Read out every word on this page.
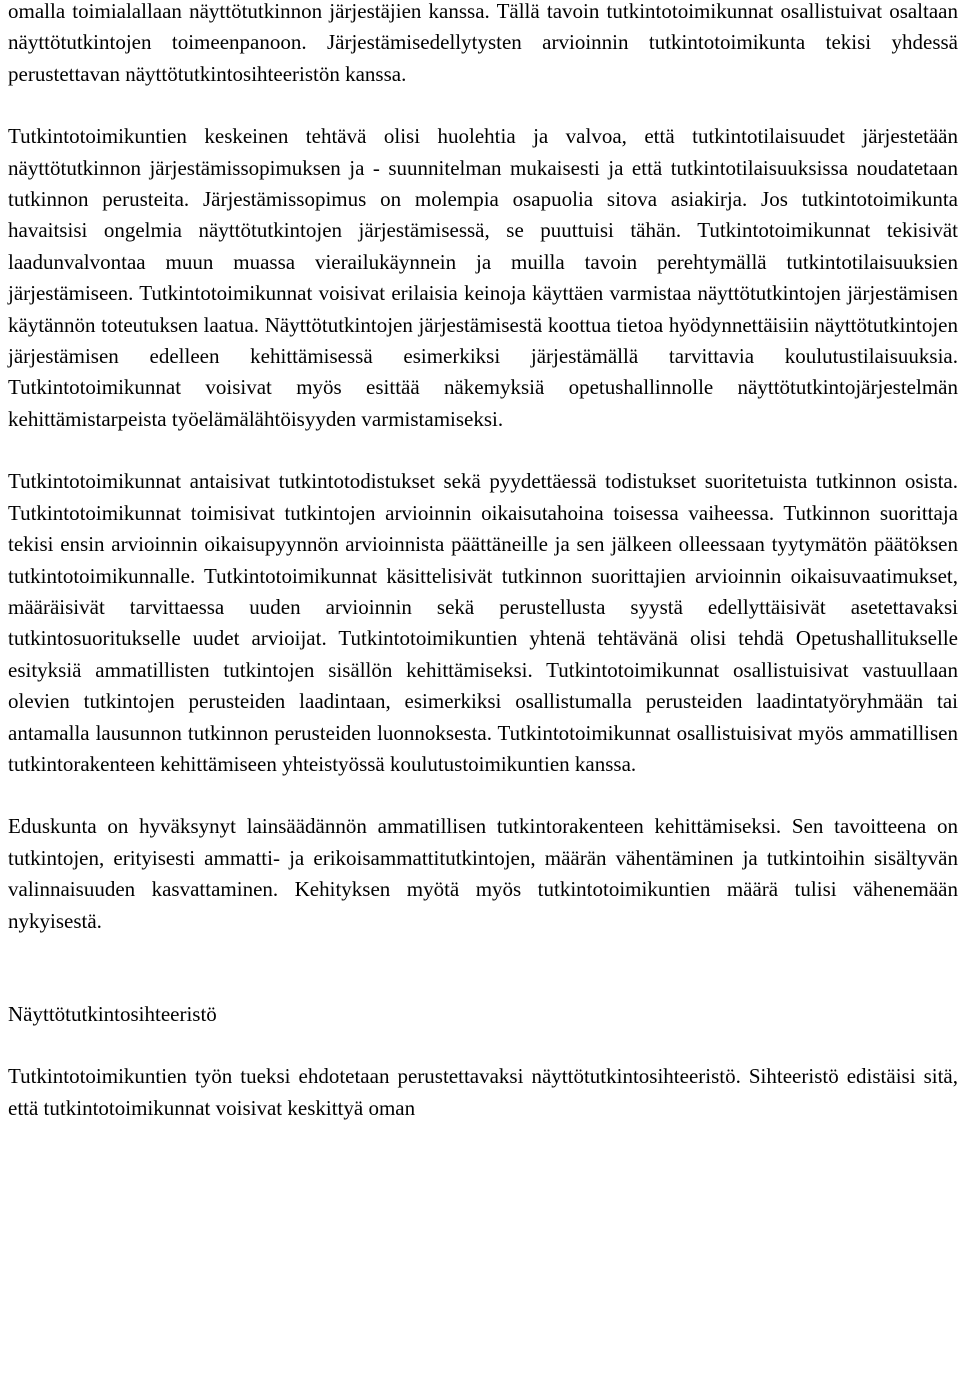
omalla toimialallaan näyttötutkinnon järjestäjien kanssa. Tällä tavoin tutkintotoimikunnat osallistuivat osaltaan näyttötutkintojen toimeenpanoon. Järjestämisedellytysten arvioinnin tutkintotoimikunta tekisi yhdessä perustettavan näyttötutkintosihteeristön kanssa.

Tutkintotoimikuntien keskeinen tehtävä olisi huolehtia ja valvoa, että tutkintotilaisuudet järjestetään näyttötutkinnon järjestämissopimuksen ja - suunnitelman mukaisesti ja että tutkintotilaisuuksissa noudatetaan tutkinnon perusteita. Järjestämissopimus on molempia osapuolia sitova asiakirja. Jos tutkintotoimikunta havaitsisi ongelmia näyttötutkintojen järjestämisessä, se puuttuisi tähän. Tutkintotoimikunnat tekisivät laadunvalvontaa muun muassa vierailukäynnein ja muilla tavoin perehtymällä tutkintotilaisuuksien järjestämiseen. Tutkintotoimikunnat voisivat erilaisia keinoja käyttäen varmistaa näyttötutkintojen järjestämisen käytännön toteutuksen laatua. Näyttötutkintojen järjestämisestä koottua tietoa hyödynnettäisiin näyttötutkintojen järjestämisen edelleen kehittämisessä esimerkiksi järjestämällä tarvittavia koulutustilaisuuksia. Tutkintotoimikunnat voisivat myös esittää näkemyksiä opetushallinnolle näyttötutkintojärjestelmän kehittämistarpeista työelämälähtöisyyden varmistamiseksi.

Tutkintotoimikunnat antaisivat tutkintotodistukset sekä pyydettäessä todistukset suoritetuista tutkinnon osista. Tutkintotoimikunnat toimisivat tutkintojen arvioinnin oikaisutahoina toisessa vaiheessa. Tutkinnon suorittaja tekisi ensin arvioinnin oikaisupyynnön arvioinnista päättäneille ja sen jälkeen olleessaan tyytymätön päätöksen tutkintotoimikunnalle. Tutkintotoimikunnat käsittelisivät tutkinnon suorittajien arvioinnin oikaisuvaatimukset, määräisivät tarvittaessa uuden arvioinnin sekä perustellusta syystä edellyttäisivät asetettavaksi tutkintosuoritukselle uudet arvioijat. Tutkintotoimikuntien yhtenä tehtävänä olisi tehdä Opetushallitukselle esityksiä ammatillisten tutkintojen sisällön kehittämiseksi. Tutkintotoimikunnat osallistuisivat vastuullaan olevien tutkintojen perusteiden laadintaan, esimerkiksi osallistumalla perusteiden laadintatyöryhmään tai antamalla lausunnon tutkinnon perusteiden luonnoksesta. Tutkintotoimikunnat osallistuisivat myös ammatillisen tutkintorakenteen kehittämiseen yhteistyössä koulutustoimikuntien kanssa.

Eduskunta on hyväksynyt lainsäädännön ammatillisen tutkintorakenteen kehittämiseksi. Sen tavoitteena on tutkintojen, erityisesti ammatti- ja erikoisammattitutkintojen, määrän vähentäminen ja tutkintoihin sisältyvän valinnaisuuden kasvattaminen. Kehityksen myötä myös tutkintotoimikuntien määrä tulisi vähenemään nykyisestä.

Näyttötutkintosihteeristö

Tutkintotoimikuntien työn tueksi ehdotetaan perustettavaksi näyttötutkintosihteeristö. Sihteeristö edistäisi sitä, että tutkintotoimikunnat voisivat keskittyä oman
